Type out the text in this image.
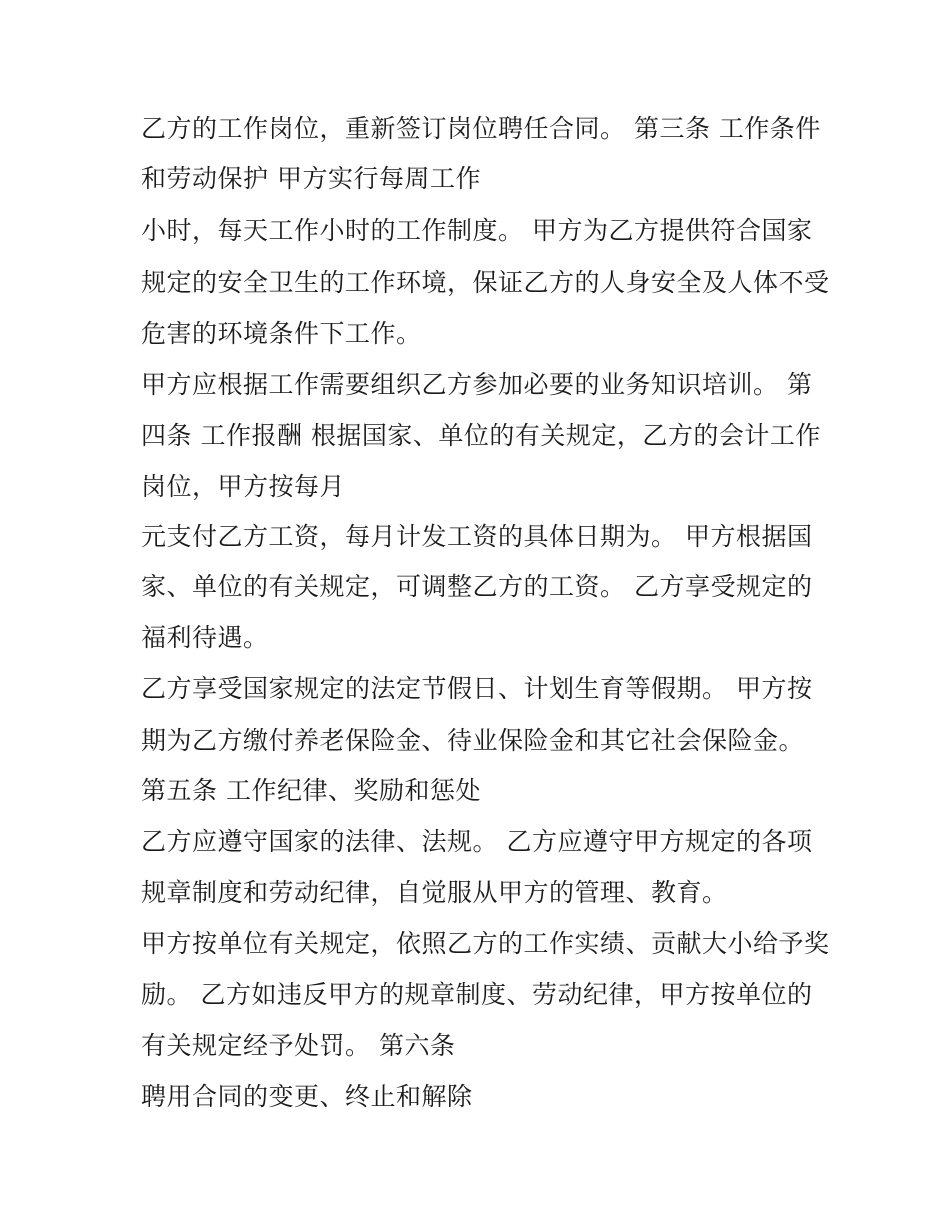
乙方的工作岗位，重新签订岗位聘任合同。 第三条 工作条件
和劳动保护 甲方实行每周工作
小时，每天工作小时的工作制度。 甲方为乙方提供符合国家
规定的安全卫生的工作环境，保证乙方的人身安全及人体不受
危害的环境条件下工作。
甲方应根据工作需要组织乙方参加必要的业务知识培训。 第
四条 工作报酬 根据国家、单位的有关规定，乙方的会计工作
岗位，甲方按每月
元支付乙方工资，每月计发工资的具体日期为。 甲方根据国
家、单位的有关规定，可调整乙方的工资。 乙方享受规定的
福利待遇。
乙方享受国家规定的法定节假日、计划生育等假期。 甲方按
期为乙方缴付养老保险金、待业保险金和其它社会保险金。
第五条 工作纪律、奖励和惩处
乙方应遵守国家的法律、法规。 乙方应遵守甲方规定的各项
规章制度和劳动纪律，自觉服从甲方的管理、教育。
甲方按单位有关规定，依照乙方的工作实绩、贡献大小给予奖
励。 乙方如违反甲方的规章制度、劳动纪律，甲方按单位的
有关规定经予处罚。 第六条
聘用合同的变更、终止和解除
